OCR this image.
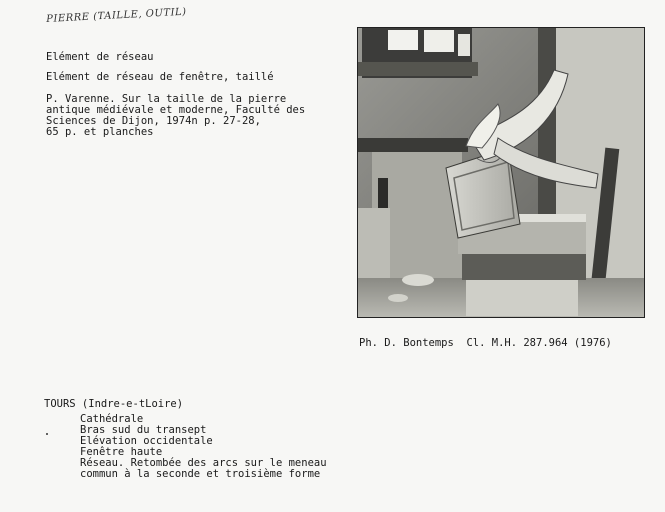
PIERRE (TAILLE, OUTIL)
Elément de réseau
Elément de réseau de fenêtre, taillé
P. Varenne. Sur la taille de la pierre
antique médiévale et moderne, Faculté des
Sciences de Dijon, 1974n p. 27-28,
65 p. et planches
Ph. D. Bontemps  Cl. M.H. 287.964 (1976)
TOURS (Indre-e-tLoire)
Cathédrale
Bras sud du transept
Elévation occidentale
Fenêtre haute
Réseau. Retombée des arcs sur le meneau
commun à la seconde et troisième forme
